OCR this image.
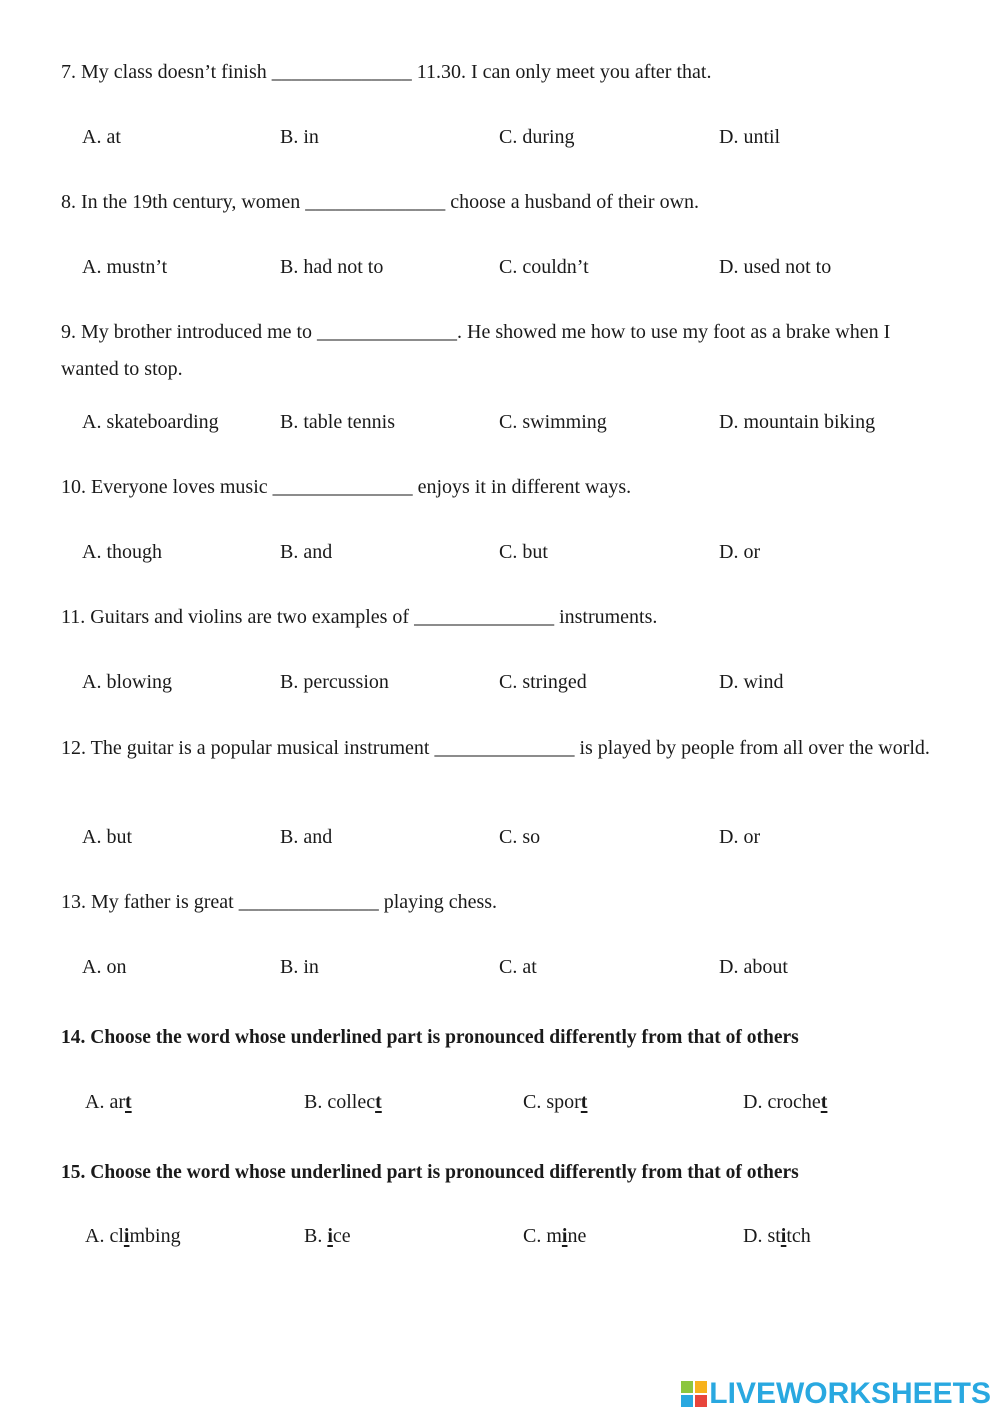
7. My class doesn’t finish ______________ 11.30. I can only meet you after that.

A. at	B. in	C. during	D. until

8. In the 19th century, women ______________ choose a husband of their own.

A. mustn’t	B. had not to	C. couldn’t	D. used not to

9. My brother introduced me to ______________. He showed me how to use my foot as a brake when I wanted to stop.

A. skateboarding	B. table tennis	C. swimming	D. mountain biking

10. Everyone loves music ______________ enjoys it in different ways.

A. though	B. and	C. but	D. or

11. Guitars and violins are two examples of ______________ instruments.

A. blowing	B. percussion	C. stringed	D. wind

12. The guitar is a popular musical instrument ______________ is played by people from all over the world.

A. but	B. and	C. so	D. or

13. My father is great ______________ playing chess.

A. on	B. in	C. at	D. about

14. Choose the word whose underlined part is pronounced differently from that of others

A. art	B. collect	C. sport	D. crochet

15. Choose the word whose underlined part is pronounced differently from that of others

A. climbing	B. ice	C. mine	D. stitch
LIVEWORKSHEETS
